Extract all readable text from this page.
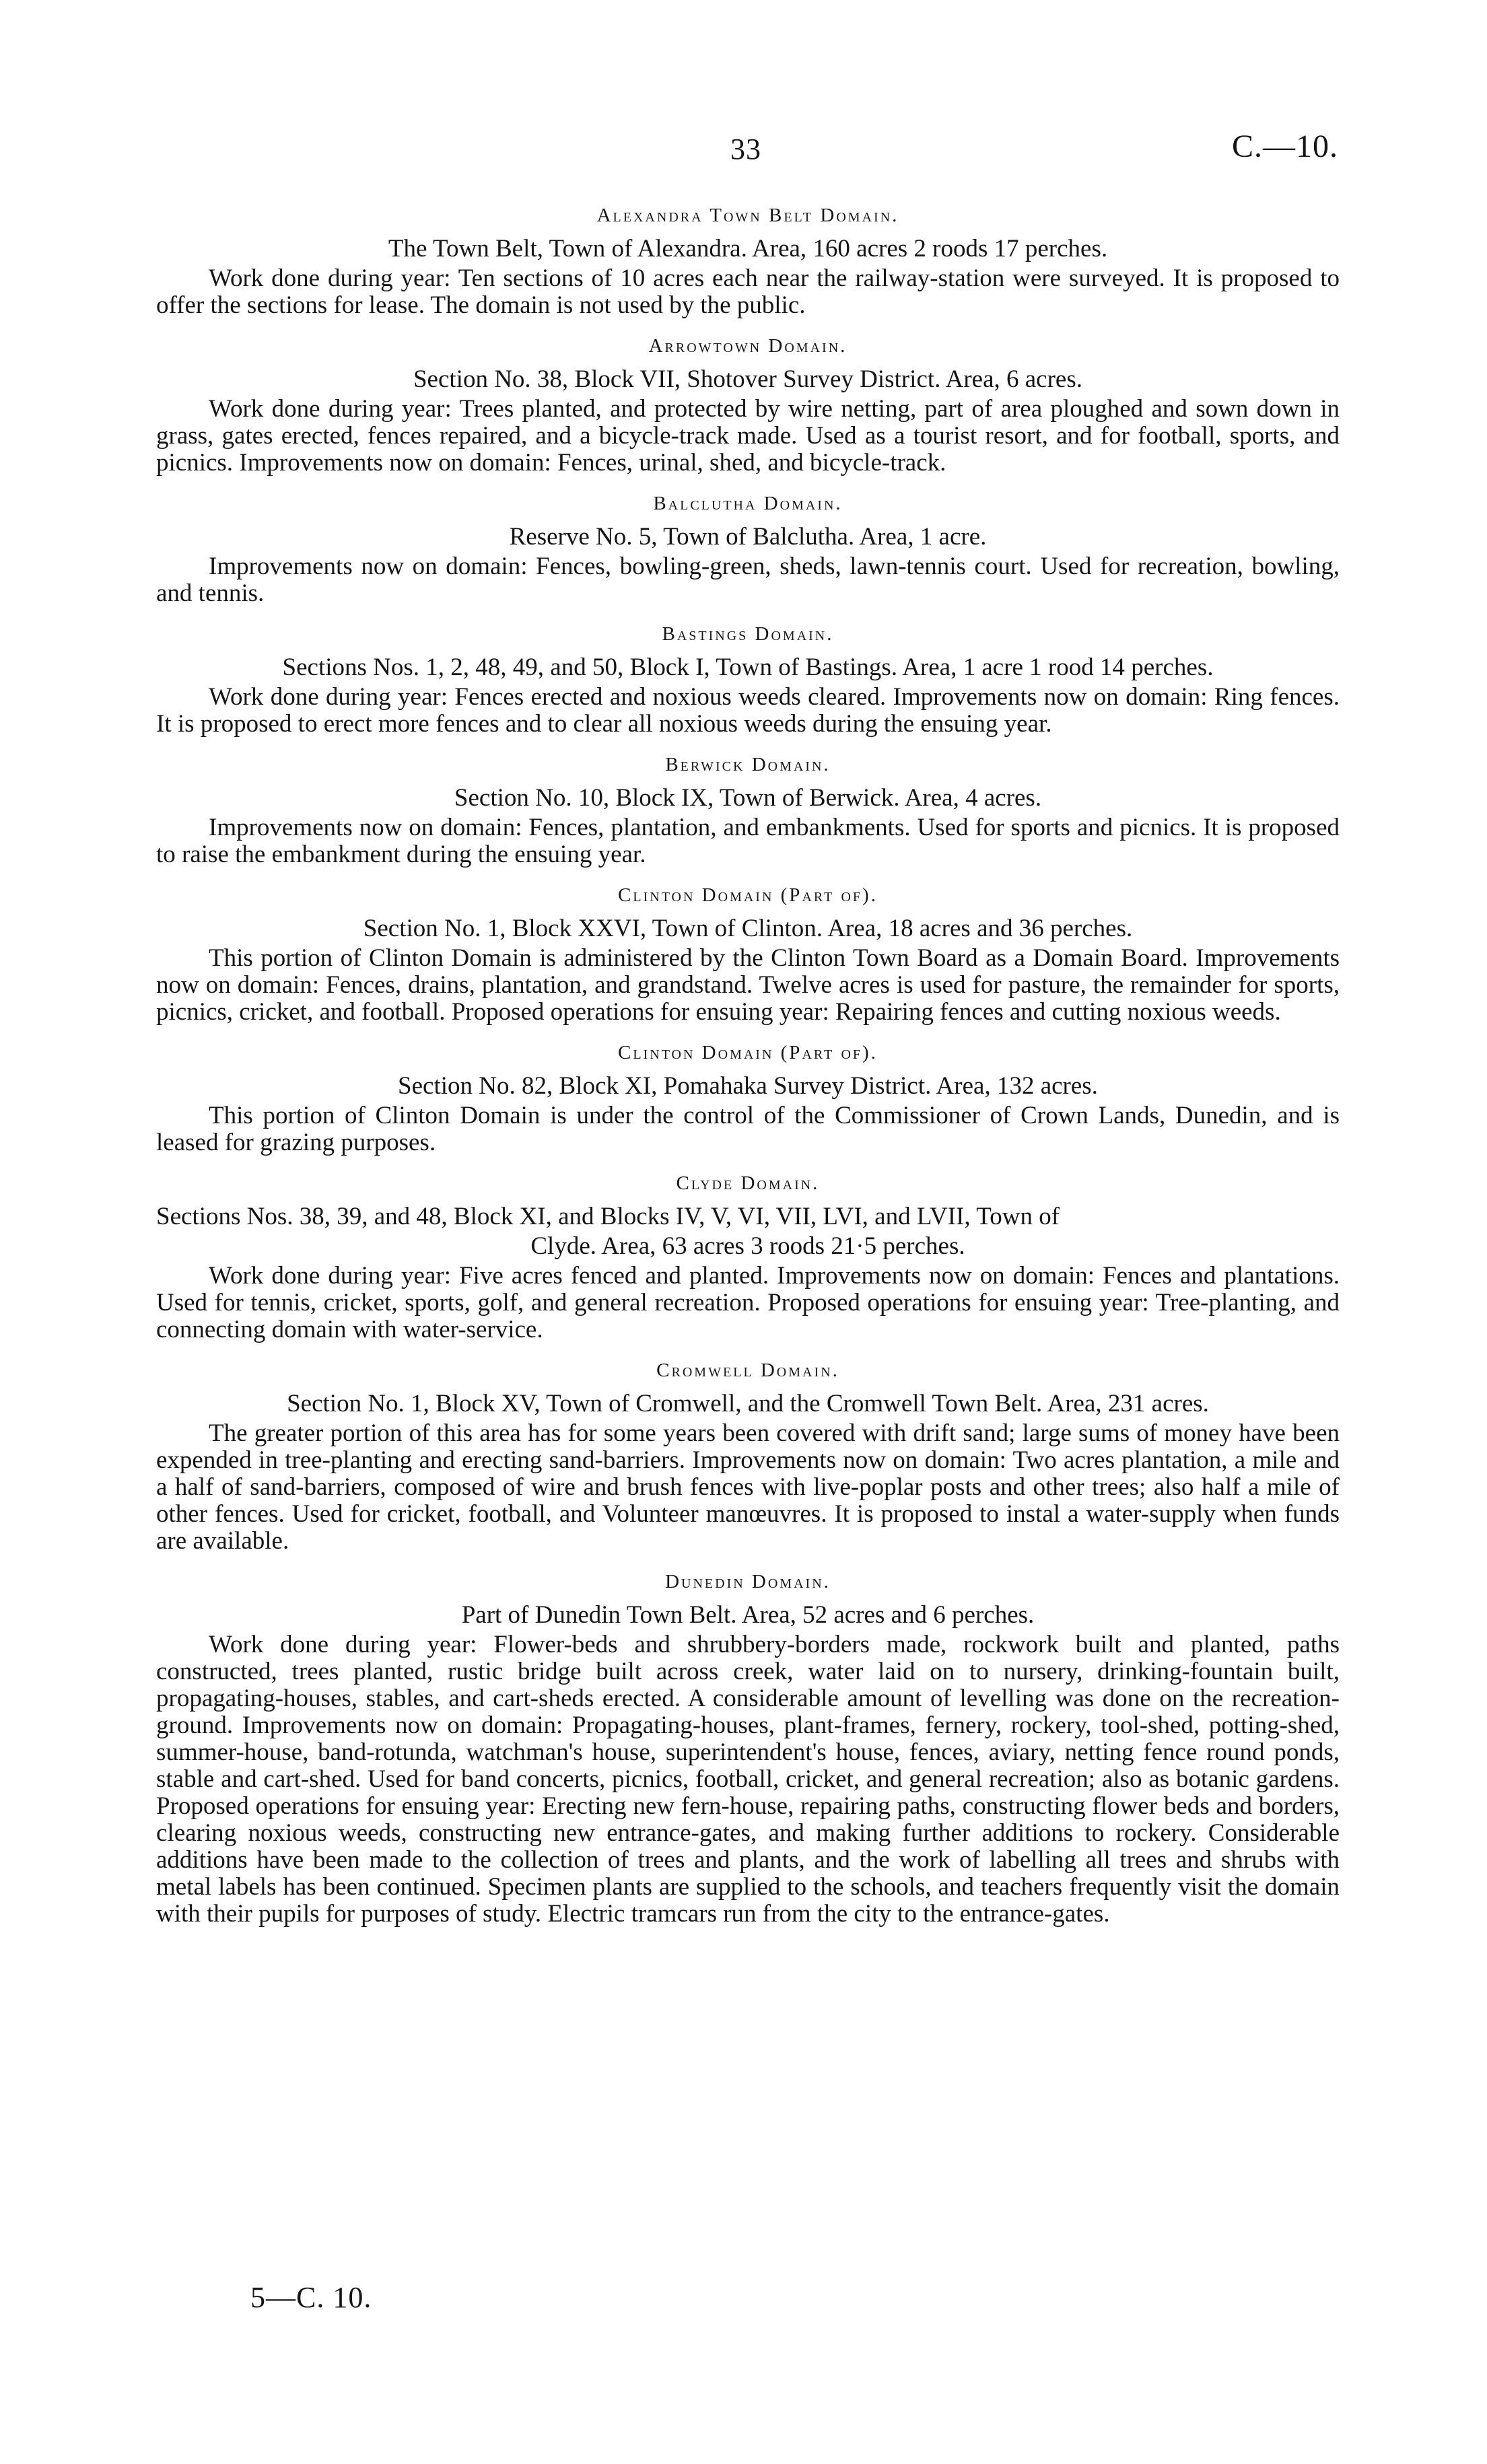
33	C.—10.
Alexandra Town Belt Domain.
The Town Belt, Town of Alexandra. Area, 160 acres 2 roods 17 perches.

Work done during year: Ten sections of 10 acres each near the railway-station were surveyed. It is proposed to offer the sections for lease. The domain is not used by the public.

Arrowtown Domain.
Section No. 38, Block VII, Shotover Survey District. Area, 6 acres.

Work done during year: Trees planted, and protected by wire netting, part of area ploughed and sown down in grass, gates erected, fences repaired, and a bicycle-track made. Used as a tourist resort, and for football, sports, and picnics. Improvements now on domain: Fences, urinal, shed, and bicycle-track.

Balclutha Domain.
Reserve No. 5, Town of Balclutha. Area, 1 acre.

Improvements now on domain: Fences, bowling-green, sheds, lawn-tennis court. Used for recreation, bowling, and tennis.

Bastings Domain.
Sections Nos. 1, 2, 48, 49, and 50, Block I, Town of Bastings. Area, 1 acre 1 rood 14 perches.

Work done during year: Fences erected and noxious weeds cleared. Improvements now on domain: Ring fences. It is proposed to erect more fences and to clear all noxious weeds during the ensuing year.

Berwick Domain.
Section No. 10, Block IX, Town of Berwick. Area, 4 acres.

Improvements now on domain: Fences, plantation, and embankments. Used for sports and picnics. It is proposed to raise the embankment during the ensuing year.

Clinton Domain (Part of).
Section No. 1, Block XXVI, Town of Clinton. Area, 18 acres and 36 perches.

This portion of Clinton Domain is administered by the Clinton Town Board as a Domain Board. Improvements now on domain: Fences, drains, plantation, and grandstand. Twelve acres is used for pasture, the remainder for sports, picnics, cricket, and football. Proposed operations for ensuing year: Repairing fences and cutting noxious weeds.

Clinton Domain (Part of).
Section No. 82, Block XI, Pomahaka Survey District. Area, 132 acres.

This portion of Clinton Domain is under the control of the Commissioner of Crown Lands, Dunedin, and is leased for grazing purposes.

Clyde Domain.
Sections Nos. 38, 39, and 48, Block XI, and Blocks IV, V, VI, VII, LVI, and LVII, Town of
Clyde. Area, 63 acres 3 roods 21·5 perches.

Work done during year: Five acres fenced and planted. Improvements now on domain: Fences and plantations. Used for tennis, cricket, sports, golf, and general recreation. Proposed operations for ensuing year: Tree-planting, and connecting domain with water-service.

Cromwell Domain.
Section No. 1, Block XV, Town of Cromwell, and the Cromwell Town Belt. Area, 231 acres.

The greater portion of this area has for some years been covered with drift sand; large sums of money have been expended in tree-planting and erecting sand-barriers. Improvements now on domain: Two acres plantation, a mile and a half of sand-barriers, composed of wire and brush fences with live-poplar posts and other trees; also half a mile of other fences. Used for cricket, football, and Volunteer manœuvres. It is proposed to instal a water-supply when funds are available.

Dunedin Domain.
Part of Dunedin Town Belt. Area, 52 acres and 6 perches.

Work done during year: Flower-beds and shrubbery-borders made, rockwork built and planted, paths constructed, trees planted, rustic bridge built across creek, water laid on to nursery, drinking-fountain built, propagating-houses, stables, and cart-sheds erected. A considerable amount of levelling was done on the recreation-ground. Improvements now on domain: Propagating-houses, plant-frames, fernery, rockery, tool-shed, potting-shed, summer-house, band-rotunda, watchman's house, superintendent's house, fences, aviary, netting fence round ponds, stable and cart-shed. Used for band concerts, picnics, football, cricket, and general recreation; also as botanic gardens. Proposed operations for ensuing year: Erecting new fern-house, repairing paths, constructing flower beds and borders, clearing noxious weeds, constructing new entrance-gates, and making further additions to rockery. Considerable additions have been made to the collection of trees and plants, and the work of labelling all trees and shrubs with metal labels has been continued. Specimen plants are supplied to the schools, and teachers frequently visit the domain with their pupils for purposes of study. Electric tramcars run from the city to the entrance-gates.

5—C. 10.
